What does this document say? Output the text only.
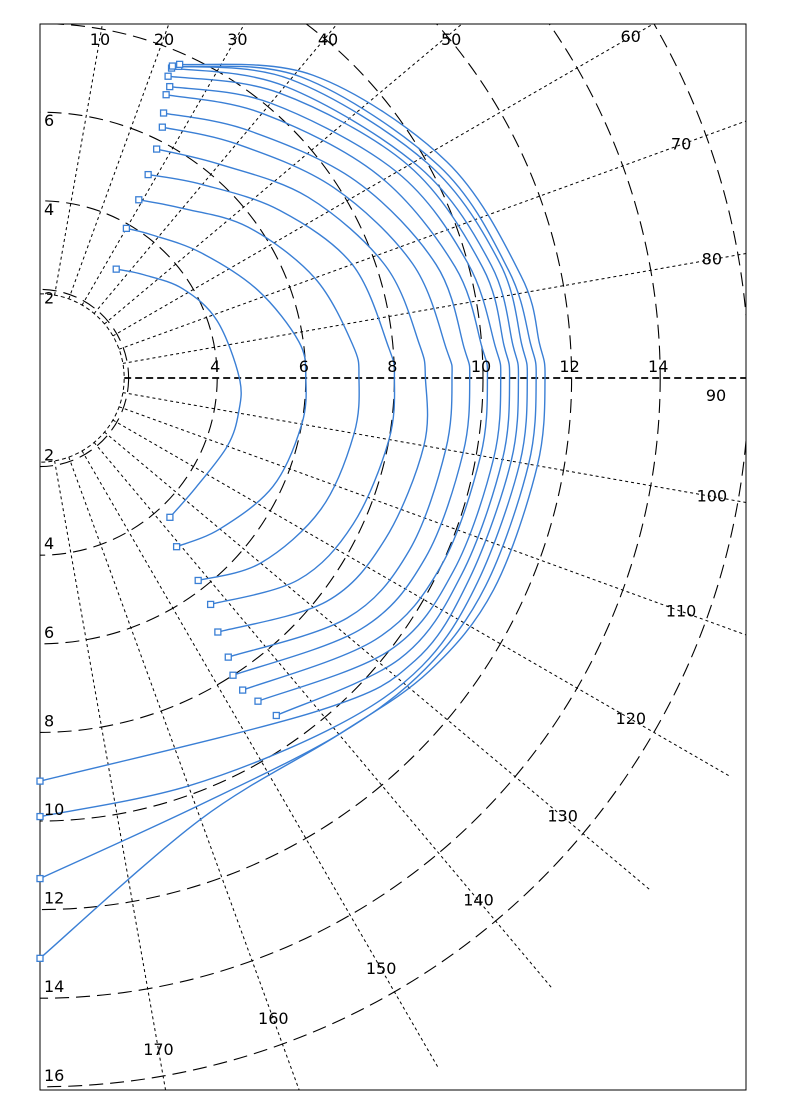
4	6	8	10	12	14
2
4
6
2
4
6
8
10
12
14
16
10	20	30	40	50	60
70
80
90
100
110
120
130
140
150
160
170
